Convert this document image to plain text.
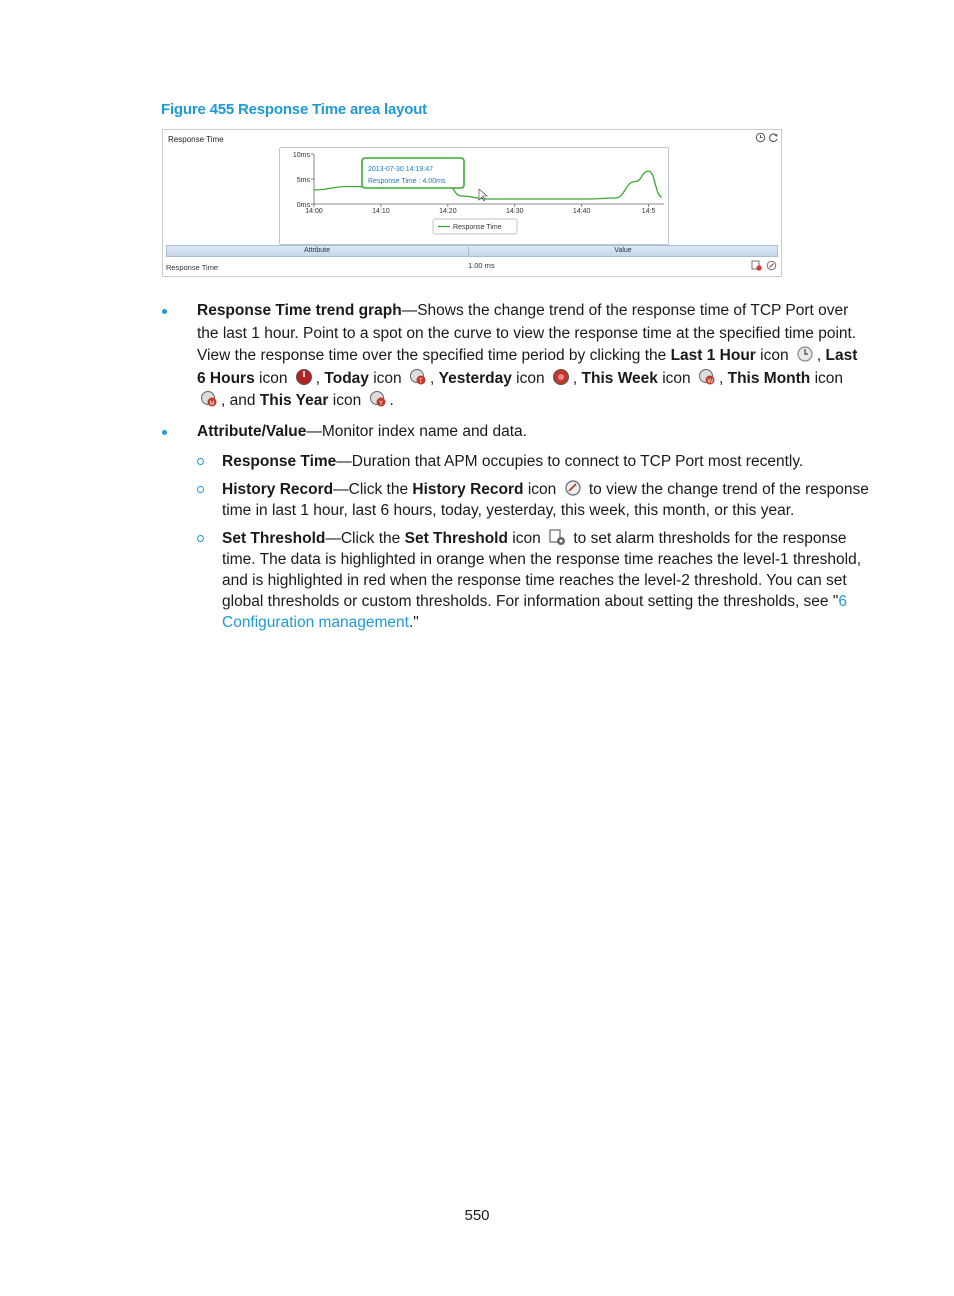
Figure 455 Response Time area layout
Response Time
10ms
5ms
0ms
14:00	14:10	14:20	14:30	14:40	14:5
2013-07-30 14:19:47
Response Time : 4.00ms
Response Time
Attribute	Value
Response Time	1.00 ms
Response Time trend graph—Shows the change trend of the response time of TCP Port over the last 1 hour. Point to a spot on the curve to view the response time at the specified time point. View the response time over the specified time period by clicking the Last 1 Hour icon , Last 6 Hours icon , Today icon	T , Yesterday icon , This Week icon	W , This Month icon
M , and This Year icon	Y .
Attribute/Value—Monitor index name and data.
Response Time—Duration that APM occupies to connect to TCP Port most recently.
History Record—Click the History Record icon  to view the change trend of the response time in last 1 hour, last 6 hours, today, yesterday, this week, this month, or this year.
Set Threshold—Click the Set Threshold icon  to set alarm thresholds for the response time. The data is highlighted in orange when the response time reaches the level-1 threshold, and is highlighted in red when the response time reaches the level-2 threshold. You can set global thresholds or custom thresholds. For information about setting the thresholds, see "6 Configuration management."
550
